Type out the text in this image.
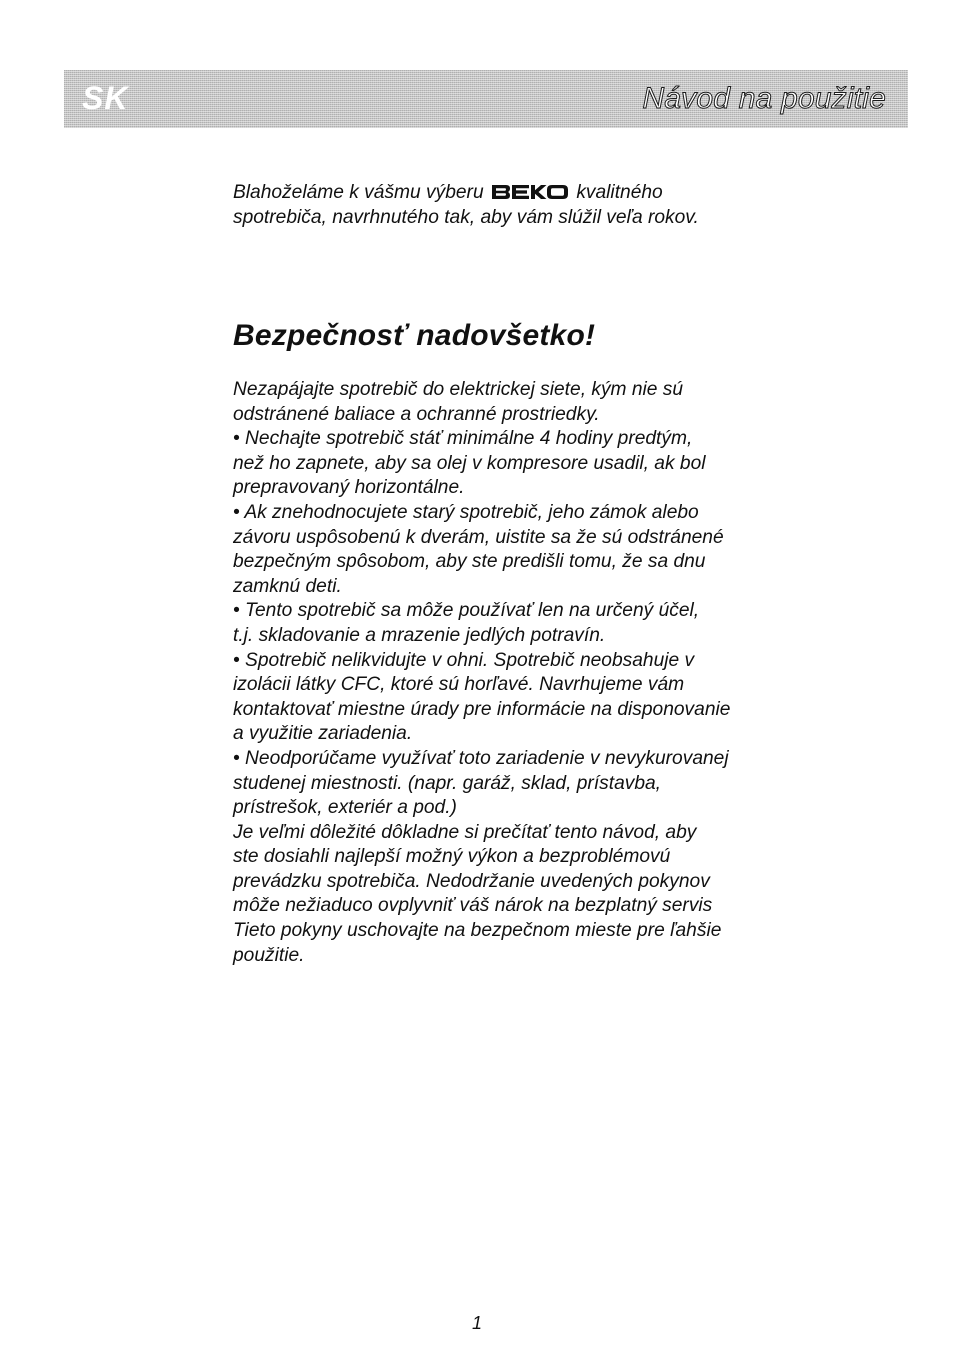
SK	Návod na použitie

Blahoželáme k vášmu výberu	kvalitného
spotrebiča, navrhnutého tak, aby vám slúžil veľa rokov.

Bezpečnosť nadovšetko!
Nezapájajte spotrebič do elektrickej siete, kým nie sú
odstránené baliace a ochranné prostriedky.
• Nechajte spotrebič stáť minimálne 4 hodiny predtým,
než ho zapnete, aby sa olej v kompresore usadil, ak bol
prepravovaný horizontálne.
• Ak znehodnocujete starý spotrebič, jeho zámok alebo
závoru uspôsobenú k dverám, uistite sa že sú odstránené
bezpečným spôsobom, aby ste predišli tomu, že sa dnu
zamknú deti.
• Tento spotrebič sa môže používať len na určený účel,
t.j. skladovanie a mrazenie jedlých potravín.
• Spotrebič nelikvidujte v ohni. Spotrebič neobsahuje v
izolácii látky CFC, ktoré sú horľavé. Navrhujeme vám
kontaktovať miestne úrady pre informácie na disponovanie
a využitie zariadenia.
• Neodporúčame využívať toto zariadenie v nevykurovanej
studenej miestnosti. (napr. garáž, sklad, prístavba,
prístrešok, exteriér a pod.)
Je veľmi dôležité dôkladne si prečítať tento návod, aby
ste dosiahli najlepší možný výkon a bezproblémovú
prevádzku spotrebiča. Nedodržanie uvedených pokynov
môže nežiaduco ovplyvniť váš nárok na bezplatný servis
Tieto pokyny uschovajte na bezpečnom mieste pre ľahšie
použitie.
1
